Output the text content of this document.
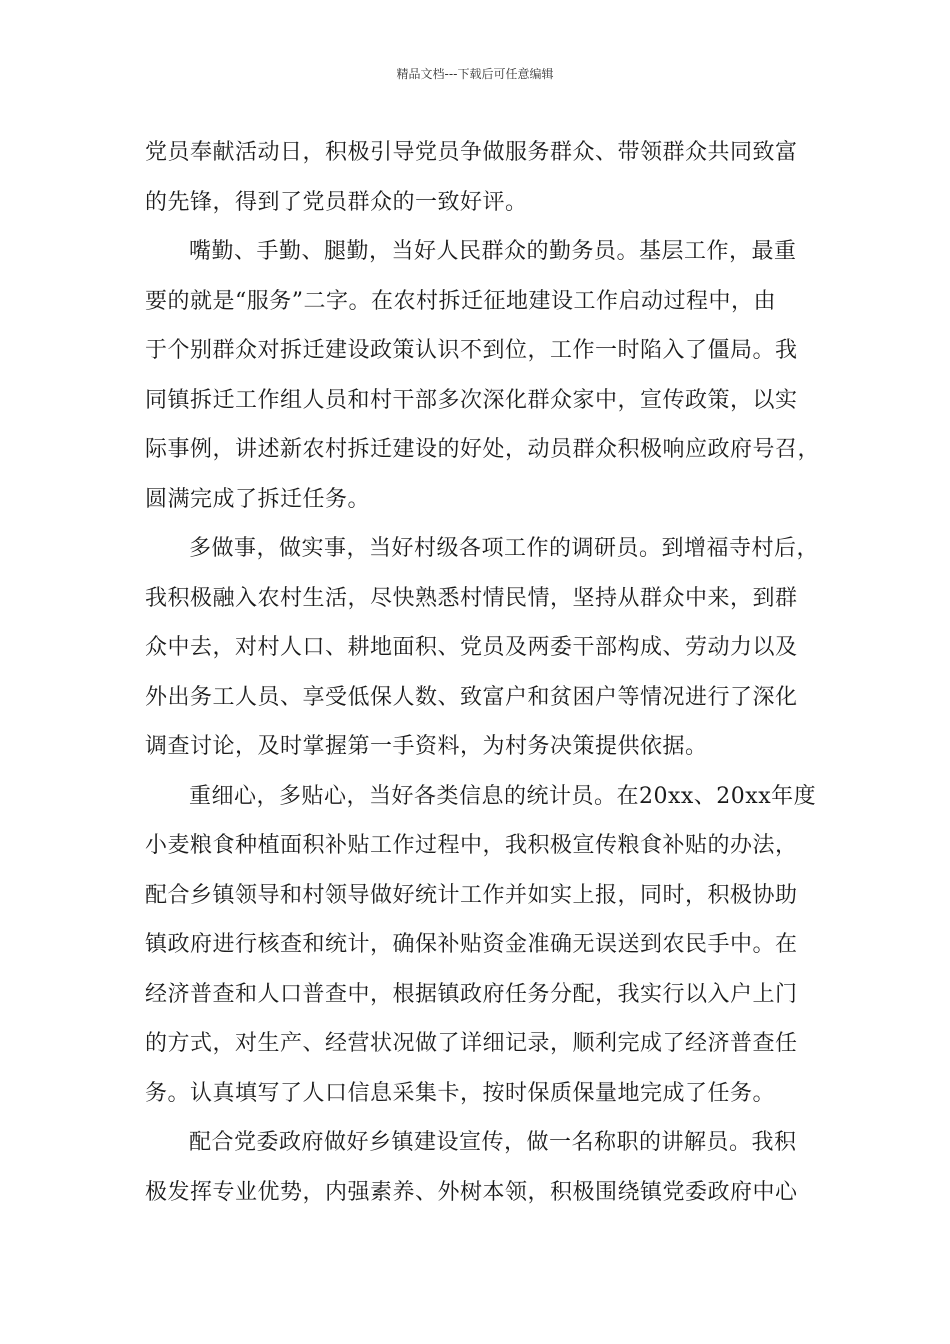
精品文档---下载后可任意编辑
党员奉献活动日，积极引导党员争做服务群众、带领群众共同致富
的先锋，得到了党员群众的一致好评。
嘴勤、手勤、腿勤，当好人民群众的勤务员。基层工作，最重
要的就是“服务”二字。在农村拆迁征地建设工作启动过程中，由
于个别群众对拆迁建设政策认识不到位，工作一时陷入了僵局。我
同镇拆迁工作组人员和村干部多次深化群众家中，宣传政策，以实
际事例，讲述新农村拆迁建设的好处，动员群众积极响应政府号召，
圆满完成了拆迁任务。
多做事，做实事，当好村级各项工作的调研员。到增福寺村后，
我积极融入农村生活，尽快熟悉村情民情，坚持从群众中来，到群
众中去，对村人口、耕地面积、党员及两委干部构成、劳动力以及
外出务工人员、享受低保人数、致富户和贫困户等情况进行了深化
调查讨论，及时掌握第一手资料，为村务决策提供依据。
重细心，多贴心，当好各类信息的统计员。在20xx、20xx年度
小麦粮食种植面积补贴工作过程中，我积极宣传粮食补贴的办法，
配合乡镇领导和村领导做好统计工作并如实上报，同时，积极协助
镇政府进行核查和统计，确保补贴资金准确无误送到农民手中。在
经济普查和人口普查中，根据镇政府任务分配，我实行以入户上门
的方式，对生产、经营状况做了详细记录，顺利完成了经济普查任
务。认真填写了人口信息采集卡，按时保质保量地完成了任务。
配合党委政府做好乡镇建设宣传，做一名称职的讲解员。我积
极发挥专业优势，内强素养、外树本领，积极围绕镇党委政府中心
